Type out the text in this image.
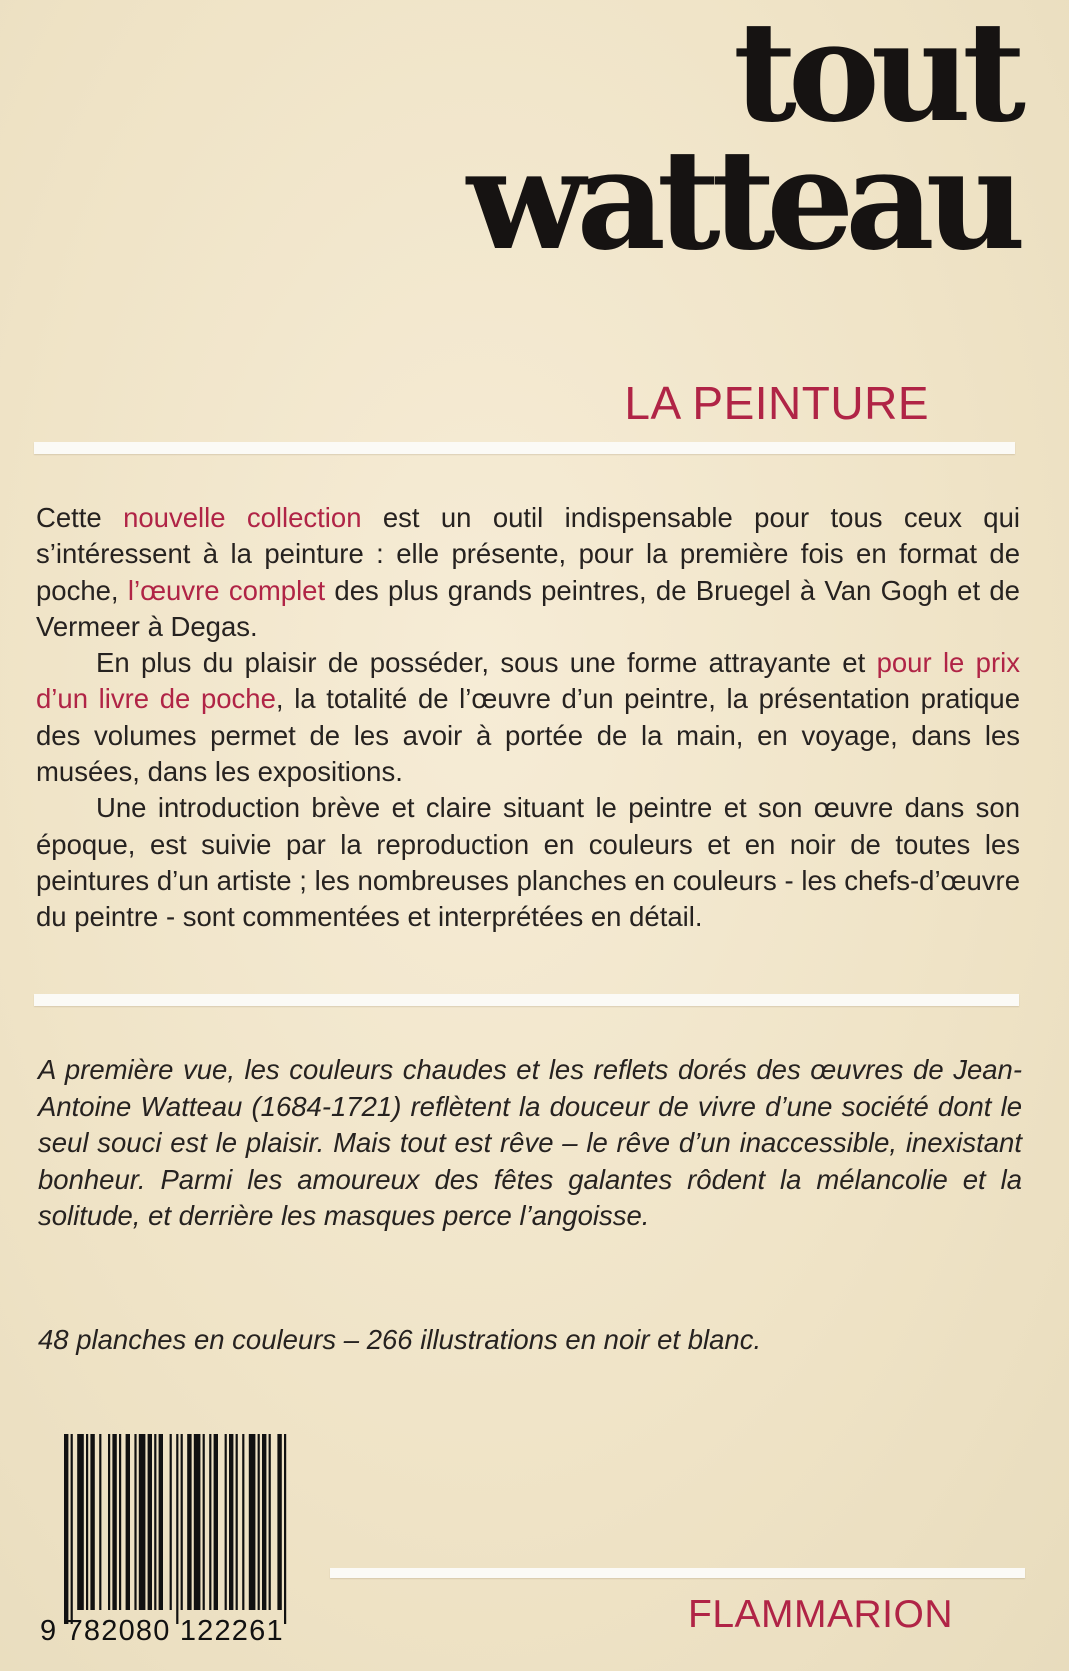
tout
watteau
LA PEINTURE

Cette nouvelle collection est un outil indispensable pour tous ceux qui s’intéressent à la peinture : elle présente, pour la première fois en format de poche, l’œuvre complet des plus grands peintres, de Bruegel à Van Gogh et de Vermeer à Degas.

En plus du plaisir de posséder, sous une forme attrayante et pour le prix d’un livre de poche, la totalité de l’œuvre d’un peintre, la présentation pratique des volumes permet de les avoir à portée de la main, en voyage, dans les musées, dans les expositions.

Une introduction brève et claire situant le peintre et son œuvre dans son époque, est suivie par la reproduction en couleurs et en noir de toutes les peintures d’un artiste ; les nombreuses planches en couleurs - les chefs-d’œuvre du peintre - sont commentées et interprétées en détail.

A première vue, les couleurs chaudes et les reflets dorés des œuvres de Jean-Antoine Watteau (1684-1721) reflètent la douceur de vivre d’une société dont le seul souci est le plaisir. Mais tout est rêve – le rêve d’un inaccessible, inexistant bonheur. Parmi les amoureux des fêtes galantes rôdent la mélancolie et la solitude, et derrière les masques perce l’angoisse.

48 planches en couleurs – 266 illustrations en noir et blanc.

9 782080 122261	FLAMMARION
